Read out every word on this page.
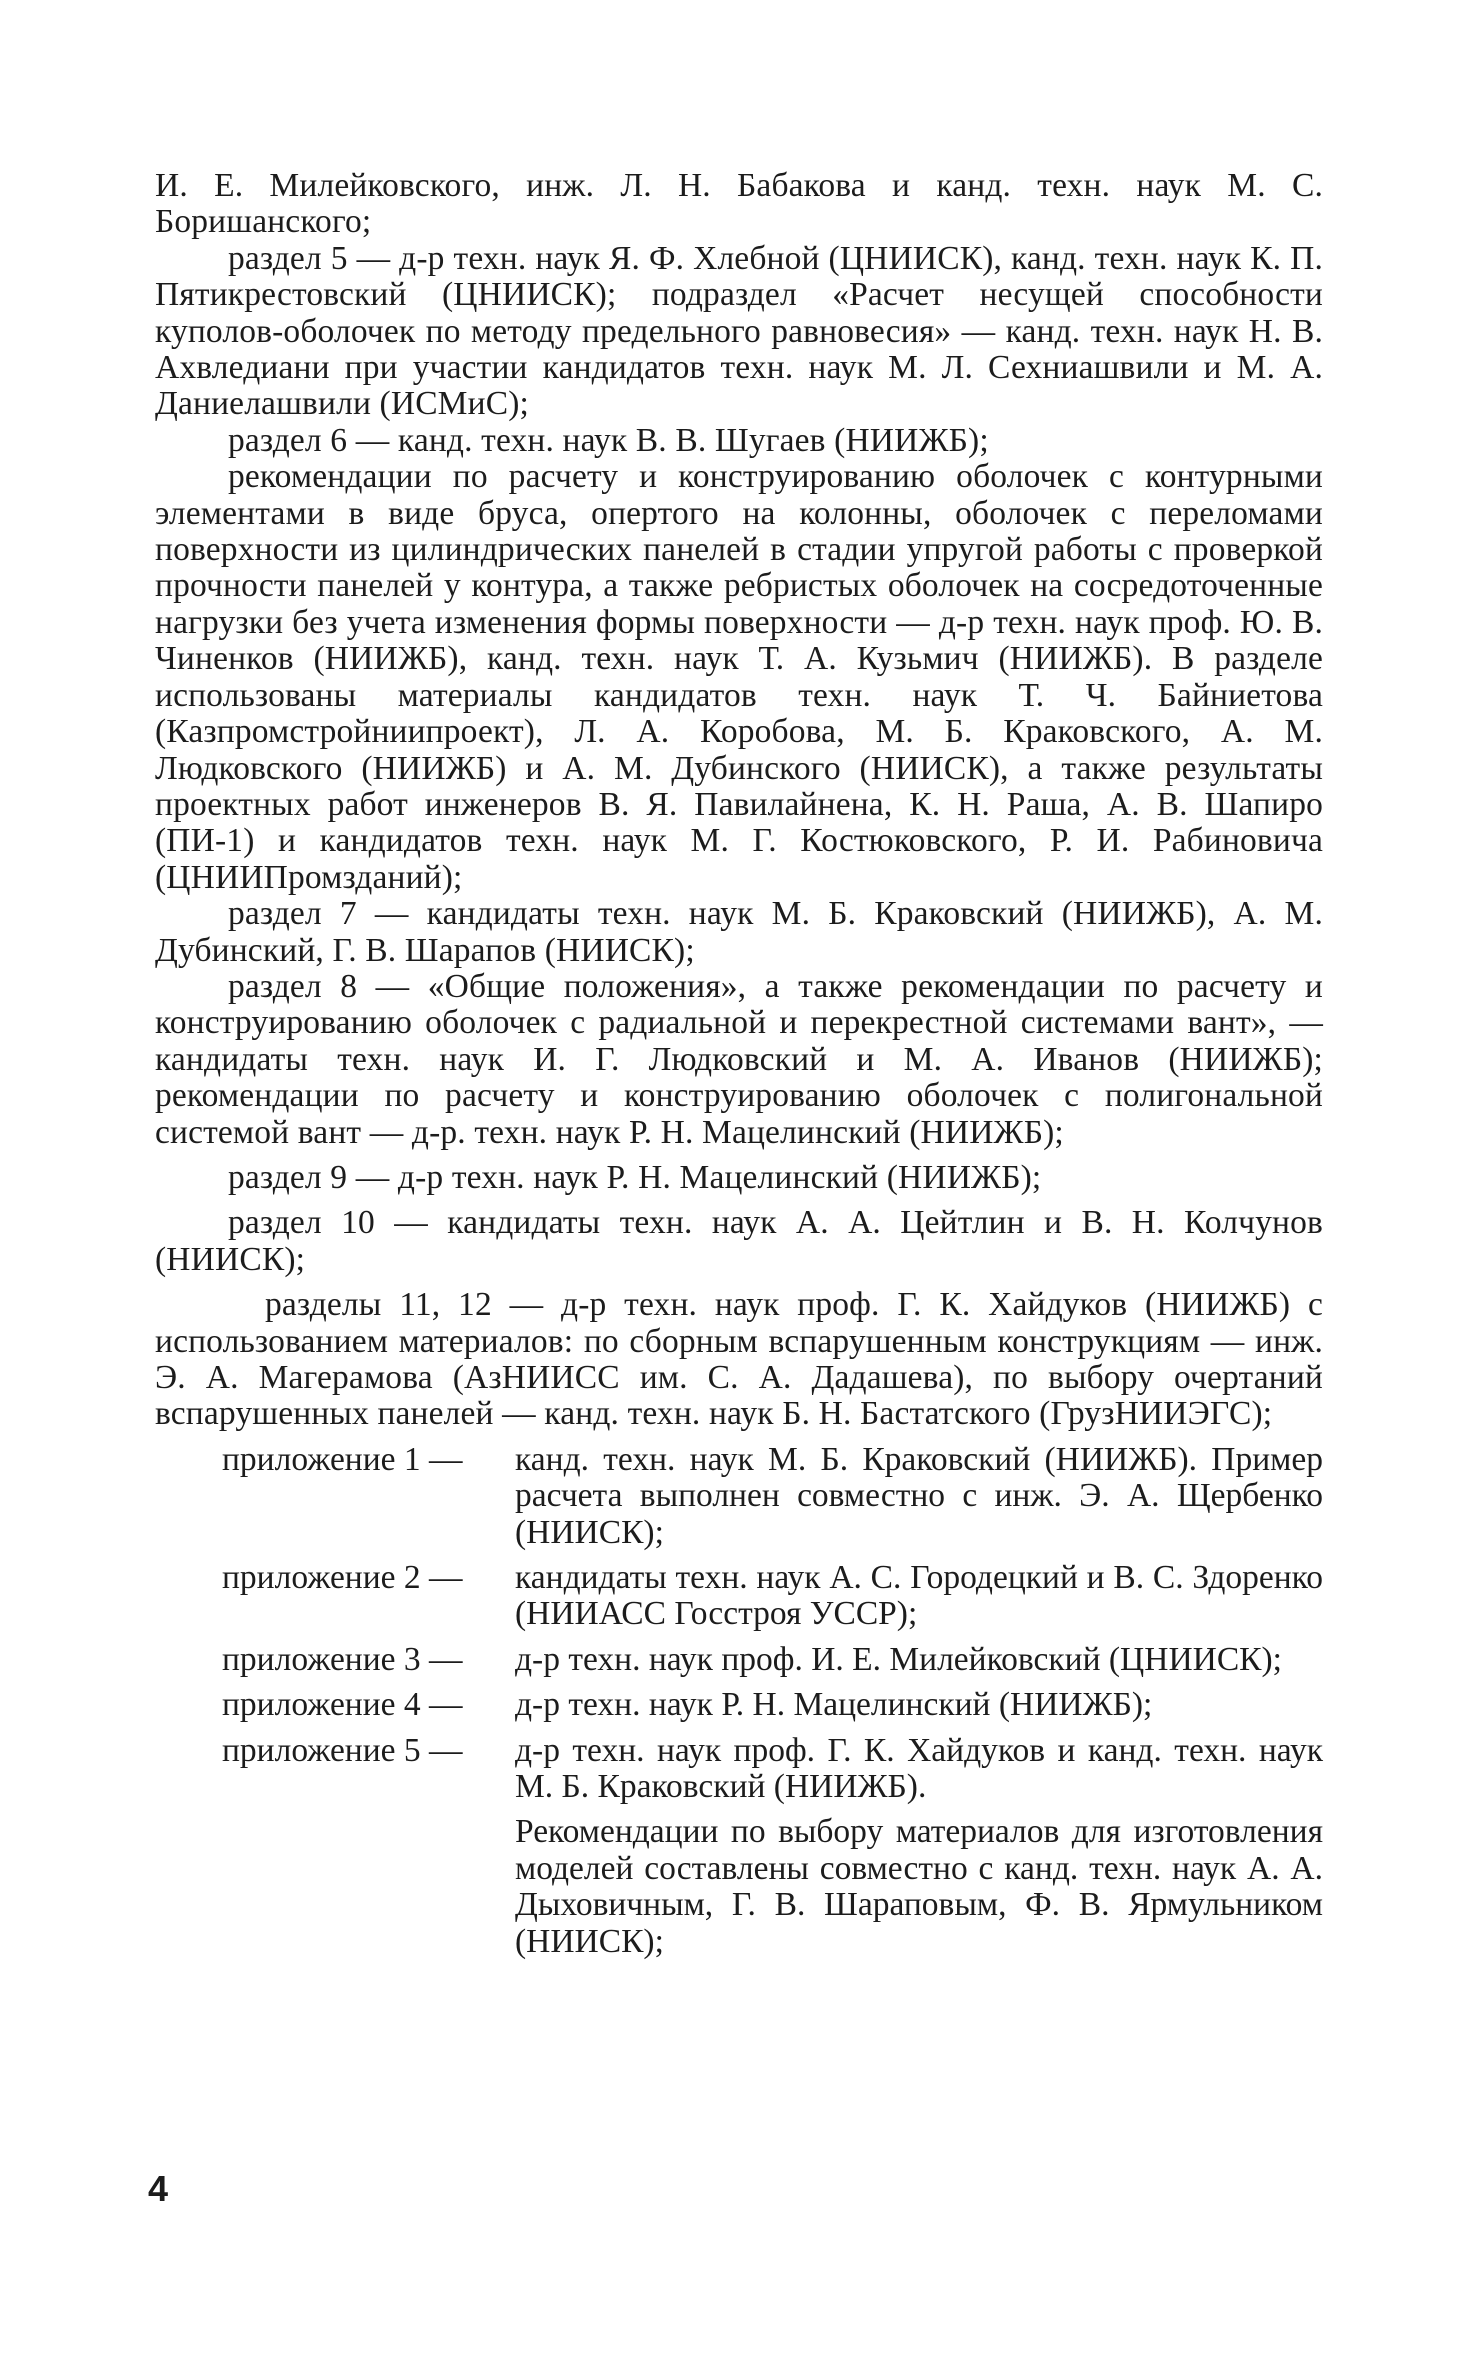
И. Е. Милейковского, инж. Л. Н. Бабакова и канд. техн. наук М. С. Боришанского;

раздел 5 — д-р техн. наук Я. Ф. Хлебной (ЦНИИСК), канд. техн. наук К. П. Пятикрестовский (ЦНИИСК); подраздел «Расчет несущей способности куполов-оболочек по методу предельного равновесия» — канд. техн. наук Н. В. Ахвледиани при участии кандидатов техн. наук М. Л. Сехниашвили и М. А. Даниелашвили (ИСМиС);

раздел 6 — канд. техн. наук В. В. Шугаев (НИИЖБ);

рекомендации по расчету и конструированию оболочек с контурными элементами в виде бруса, опертого на колонны, оболочек с переломами поверхности из цилиндрических панелей в стадии упругой работы с проверкой прочности панелей у контура, а также ребристых оболочек на сосредоточенные нагрузки без учета изменения формы поверхности — д-р техн. наук проф. Ю. В. Чиненков (НИИЖБ), канд. техн. наук Т. А. Кузьмич (НИИЖБ). В разделе использованы материалы кандидатов техн. наук Т. Ч. Байниетова (Казпромстройниипроект), Л. А. Коробова, М. Б. Краковского, А. М. Людковского (НИИЖБ) и А. М. Дубинского (НИИСК), а также результаты проектных работ инженеров В. Я. Павилайнена, К. Н. Раша, А. В. Шапиро (ПИ-1) и кандидатов техн. наук М. Г. Костюковского, Р. И. Рабиновича (ЦНИИПромзданий);

раздел 7 — кандидаты техн. наук М. Б. Краковский (НИИЖБ), А. М. Дубинский, Г. В. Шарапов (НИИСК);

раздел 8 — «Общие положения», а также рекомендации по расчету и конструированию оболочек с радиальной и перекрестной системами вант», — кандидаты техн. наук И. Г. Людковский и М. А. Иванов (НИИЖБ); рекомендации по расчету и конструированию оболочек с полигональной системой вант — д-р. техн. наук Р. Н. Мацелинский (НИИЖБ);

раздел 9 — д-р техн. наук Р. Н. Мацелинский (НИИЖБ);

раздел 10 — кандидаты техн. наук А. А. Цейтлин и В. Н. Колчунов (НИИСК);

разделы 11, 12 — д-р техн. наук проф. Г. К. Хайдуков (НИИЖБ) с использованием материалов: по сборным вспарушенным конструкциям — инж. Э. А. Магерамова (АзНИИСС им. С. А. Дадашева), по выбору очертаний вспарушенных панелей — канд. техн. наук Б. Н. Бастатского (ГрузНИИЭГС);

приложение 1 —	канд. техн. наук М. Б. Краковский (НИИЖБ). Пример расчета выполнен совместно с инж. Э. А. Щербенко (НИИСК);
приложение 2 —	кандидаты техн. наук А. С. Городецкий и В. С. Здоренко (НИИАСС Госстроя УССР);
приложение 3 —	д-р техн. наук проф. И. Е. Милейковский (ЦНИИСК);
приложение 4 —	д-р техн. наук Р. Н. Мацелинский (НИИЖБ);
приложение 5 —	д-р техн. наук проф. Г. К. Хайдуков и канд. техн. наук М. Б. Краковский (НИИЖБ).
Рекомендации по выбору материалов для изготовления моделей составлены совместно с канд. техн. наук А. А. Дыховичным, Г. В. Шараповым, Ф. В. Ярмульником (НИИСК);
4
